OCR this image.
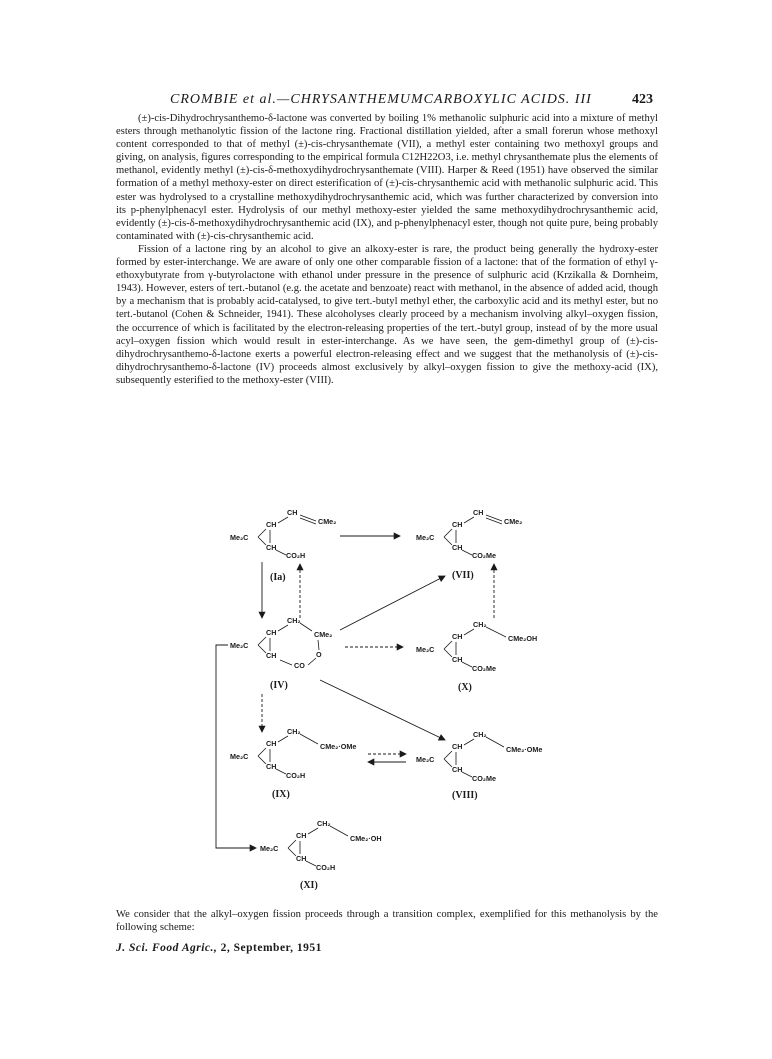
CROMBIE et al.—CHRYSANTHEMUMCARBOXYLIC ACIDS. III	423

(±)-cis-Dihydrochrysanthemo-δ-lactone was converted by boiling 1% methanolic sulphuric acid into a mixture of methyl esters through methanolytic fission of the lactone ring. Fractional distillation yielded, after a small forerun whose methoxyl content corresponded to that of methyl (±)-cis-chrysanthemate (VII), a methyl ester containing two methoxyl groups and giving, on analysis, figures corresponding to the empirical formula C12H22O3, i.e. methyl chrysanthemate plus the elements of methanol, evidently methyl (±)-cis-δ-methoxydihydrochrysanthemate (VIII). Harper & Reed (1951) have observed the similar formation of a methyl methoxy-ester on direct esterification of (±)-cis-chrysanthemic acid with methanolic sulphuric acid. This ester was hydrolysed to a crystalline methoxydihydrochrysanthemic acid, which was further characterized by conversion into its p-phenylphenacyl ester. Hydrolysis of our methyl methoxy-ester yielded the same methoxydihydrochrysanthemic acid, evidently (±)-cis-δ-methoxydihydrochrysanthemic acid (IX), and p-phenylphenacyl ester, though not quite pure, being probably contaminated with (±)-cis-chrysanthemic acid.

Fission of a lactone ring by an alcohol to give an alkoxy-ester is rare, the product being generally the hydroxy-ester formed by ester-interchange. We are aware of only one other comparable fission of a lactone: that of the formation of ethyl γ-ethoxybutyrate from γ-butyrolactone with ethanol under pressure in the presence of sulphuric acid (Krzikalla & Dornheim, 1943). However, esters of tert.-butanol (e.g. the acetate and benzoate) react with methanol, in the absence of added acid, though by a mechanism that is probably acid-catalysed, to give tert.-butyl methyl ether, the carboxylic acid and its methyl ester, but no tert.-butanol (Cohen & Schneider, 1941). These alcoholyses clearly proceed by a mechanism involving alkyl–oxygen fission, the occurrence of which is facilitated by the electron-releasing properties of the tert.-butyl group, instead of by the more usual acyl–oxygen fission which would result in ester-interchange. As we have seen, the gem-dimethyl group of (±)-cis-dihydrochrysanthemo-δ-lactone exerts a powerful electron-releasing effect and we suggest that the methanolysis of (±)-cis-dihydrochrysanthemo-δ-lactone (IV) proceeds almost exclusively by alkyl–oxygen fission to give the methoxy-acid (IX), subsequently esterified to the methoxy-ester (VIII).

Me₂C
CH
CH
CMe₂
CO₂H
CH
(Ia)
Me₂C
CH
CH
CMe₂
CO₂Me
CH
(VII)
Me₂C
CH
CH
CH₂
CMe₂
CO
O
(IV)
Me₂C
CH
CH
CH₂
CMe₂OH
CO₂Me
(X)
Me₂C
CH
CH
CH₂
CMe₂·OMe
CO₂H
(IX)
Me₂C
CH
CH
CH₂
CMe₂·OMe
CO₂Me
(VIII)
Me₂C
CH
CH
CH₂
CMe₂·OH
CO₂H
(XI)

We consider that the alkyl–oxygen fission proceeds through a transition complex, exemplified for this methanolysis by the following scheme:

J. Sci. Food Agric., 2, September, 1951
